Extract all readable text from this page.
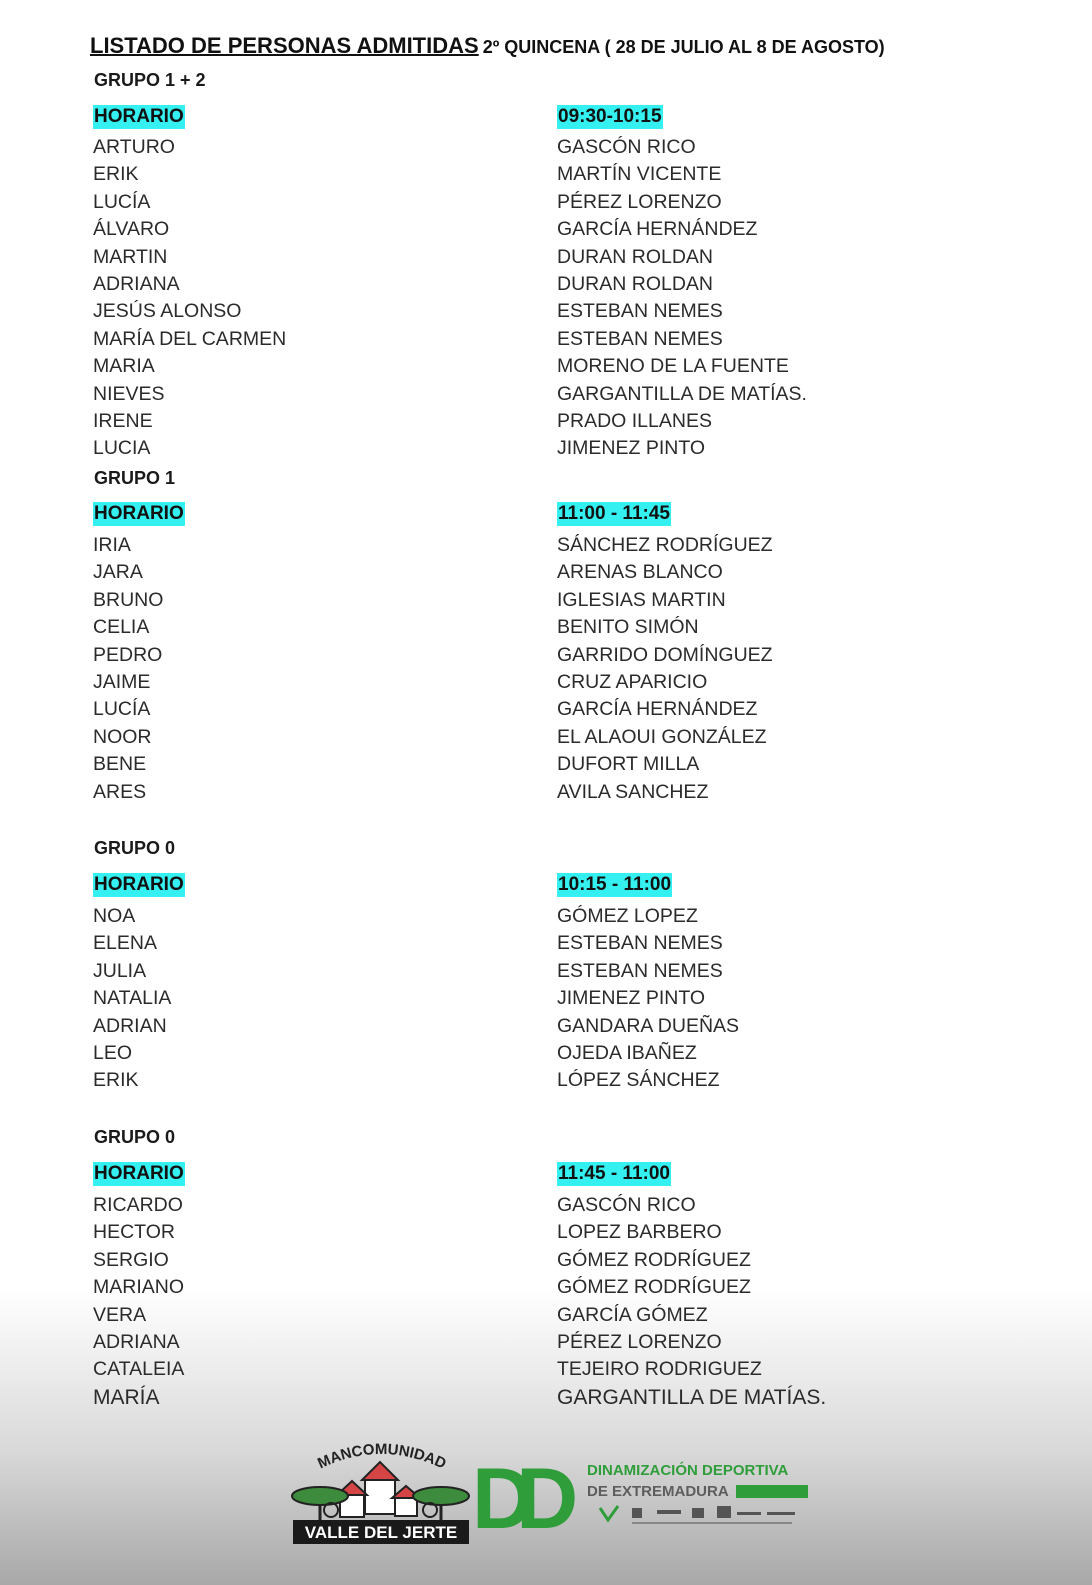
LISTADO DE PERSONAS ADMITIDAS 2º QUINCENA ( 28 DE JULIO AL 8 DE AGOSTO)
GRUPO 1 + 2
HORARIO	09:30-10:15
ARTURO	GASCÓN RICO
ERIK	MARTÍN VICENTE
LUCÍA	PÉREZ LORENZO
ÁLVARO	GARCÍA HERNÁNDEZ
MARTIN	DURAN ROLDAN
ADRIANA	DURAN ROLDAN
JESÚS ALONSO	ESTEBAN NEMES
MARÍA DEL CARMEN	ESTEBAN NEMES
MARIA	MORENO DE LA FUENTE
NIEVES	GARGANTILLA DE MATÍAS.
IRENE	PRADO ILLANES
LUCIA	JIMENEZ PINTO
GRUPO 1
HORARIO	11:00 - 11:45
IRIA	SÁNCHEZ RODRÍGUEZ
JARA	ARENAS BLANCO
BRUNO	IGLESIAS MARTIN
CELIA	BENITO SIMÓN
PEDRO	GARRIDO DOMÍNGUEZ
JAIME	CRUZ APARICIO
LUCÍA	GARCÍA HERNÁNDEZ
NOOR	EL ALAOUI GONZÁLEZ
BENE	DUFORT MILLA
ARES	AVILA SANCHEZ
GRUPO 0
HORARIO	10:15 - 11:00
NOA	GÓMEZ LOPEZ
ELENA	ESTEBAN NEMES
JULIA	ESTEBAN NEMES
NATALIA	JIMENEZ PINTO
ADRIAN	GANDARA DUEÑAS
LEO	OJEDA IBAÑEZ
ERIK	LÓPEZ SÁNCHEZ
GRUPO 0
HORARIO	11:45 - 11:00
RICARDO	GASCÓN RICO
HECTOR	LOPEZ BARBERO
SERGIO	GÓMEZ RODRÍGUEZ
MARIANO	GÓMEZ RODRÍGUEZ
VERA	GARCÍA GÓMEZ
ADRIANA	PÉREZ LORENZO
CATALEIA	TEJEIRO RODRIGUEZ
MARÍA	GARGANTILLA DE MATÍAS.
MANCOMUNIDAD
VALLE DEL JERTE DD	DINAMIZACIÓN DEPORTIVA
DE EXTREMADURA
